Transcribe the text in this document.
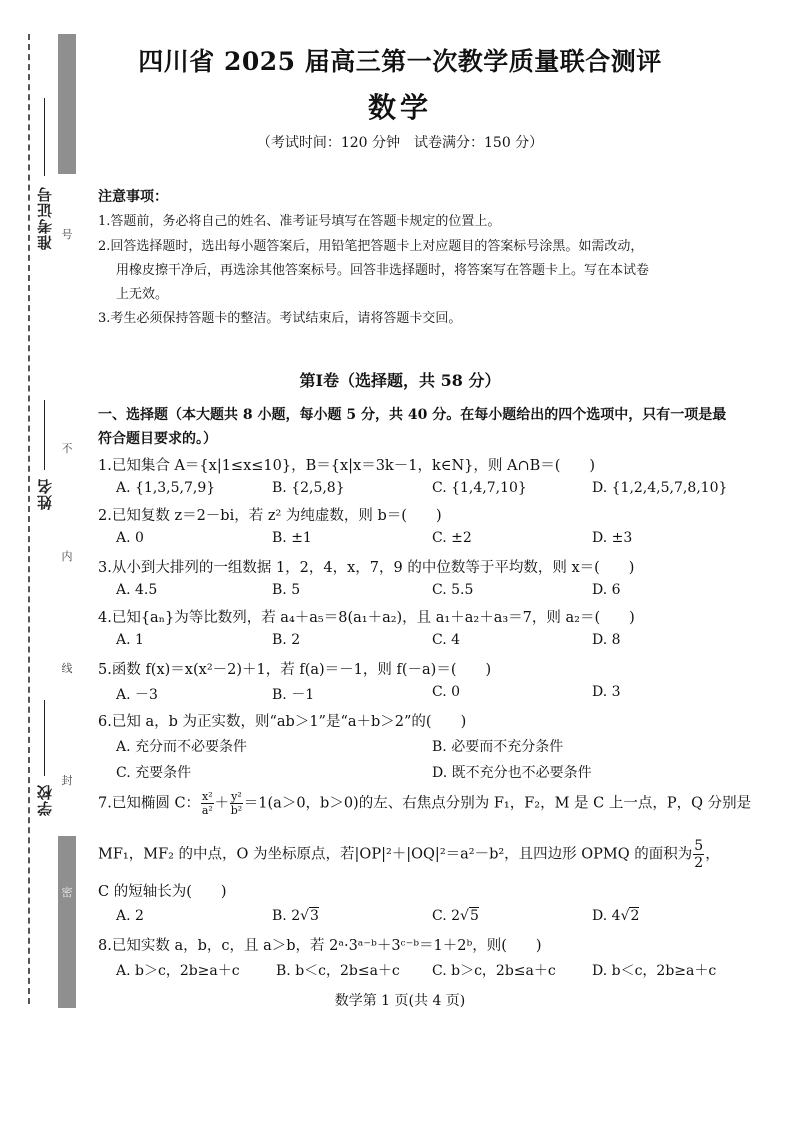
号
不
内
线
封
密
准考证号
姓名
学校
四川省 2025 届高三第一次教学质量联合测评
数学
（考试时间：120 分钟　试卷满分：150 分）
注意事项：
1.答题前，务必将自己的姓名、准考证号填写在答题卡规定的位置上。
2.回答选择题时，选出每小题答案后，用铅笔把答题卡上对应题目的答案标号涂黑。如需改动，
用橡皮擦干净后，再选涂其他答案标号。回答非选择题时，将答案写在答题卡上。写在本试卷
上无效。
3.考生必须保持答题卡的整洁。考试结束后，请将答题卡交回。
第Ⅰ卷（选择题，共 58 分）
一、选择题（本大题共 8 小题，每小题 5 分，共 40 分。在每小题给出的四个选项中，只有一项是最
符合题目要求的。）
1.已知集合 A＝{x|1≤x≤10}，B＝{x|x＝3k－1，k∈N}，则 A∩B＝(　　)
A. {1,3,5,7,9}	B. {2,5,8}	C. {1,4,7,10}	D. {1,2,4,5,7,8,10}
2.已知复数 z＝2－bi，若 z² 为纯虚数，则 b＝(　　)
A. 0	B. ±1	C. ±2	D. ±3
3.从小到大排列的一组数据 1，2，4，x，7，9 的中位数等于平均数，则 x＝(　　)
A. 4.5	B. 5	C. 5.5	D. 6
4.已知{aₙ}为等比数列，若 a₄＋a₅＝8(a₁＋a₂)，且 a₁＋a₂＋a₃＝7，则 a₂＝(　　)
A. 1	B. 2	C. 4	D. 8
5.函数 f(x)＝x(x²－2)＋1，若 f(a)＝－1，则 f(－a)＝(　　)
A. －3	B. －1	C. 0	D. 3
6.已知 a，b 为正实数，则“ab＞1”是“a＋b＞2”的(　　)
A. 充分而不必要条件	B. 必要而不充分条件
C. 充要条件	D. 既不充分也不必要条件
7.已知椭圆 C： $\frac{\text{x²}}{\text{a²}} + \frac{\text{y²}}{\text{b²}} =1(a>0$，b＞0)的左、右焦点分别为 F₁，F₂，M 是 C 上一点，P，Q 分别是
MF₁，MF₂ 的中点，O 为坐标原点，若|OP|²＋|OQ|²＝a²－b²，且四边形 OPMQ 的面积为 $\frac{5}{2}$ ，
C 的短轴长为(　　)
A. 2	B. 2√3	C. 2√5	D. 4√2
8.已知实数 a，b，c，且 a＞b，若 2ᵃ·3ᵃ⁻ᵇ＋3ᶜ⁻ᵇ＝1＋2ᵇ，则(　　)
A. b＞c，2b≥a＋c	B. b＜c，2b≤a＋c C. b＞c，2b≤a＋c	D. b＜c，2b≥a＋c
数学第 1 页(共 4 页)
